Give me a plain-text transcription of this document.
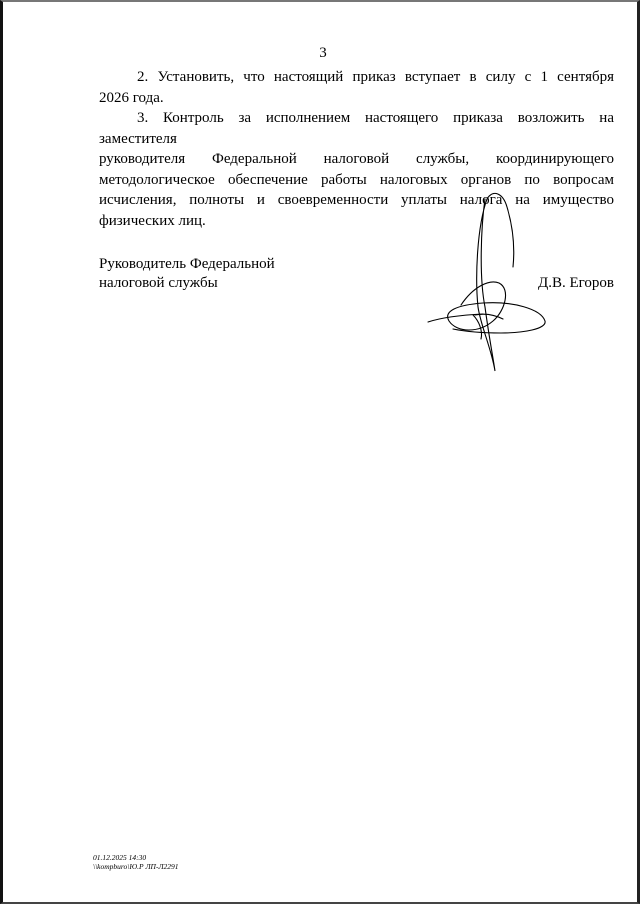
3
2. Установить, что настоящий приказ вступает в силу с 1 сентября
2026 года.
3. Контроль за исполнением настоящего приказа возложить на заместителя
руководителя Федеральной налоговой службы, координирующего
методологическое обеспечение работы налоговых органов по вопросам
исчисления, полноты и своевременности уплаты налога на имущество
физических лиц.
Руководитель Федеральной
налоговой службы	Д.В. Егоров
01.12.2025 14:30
\\kompburo\Ю.Р ЛП-Л2291
